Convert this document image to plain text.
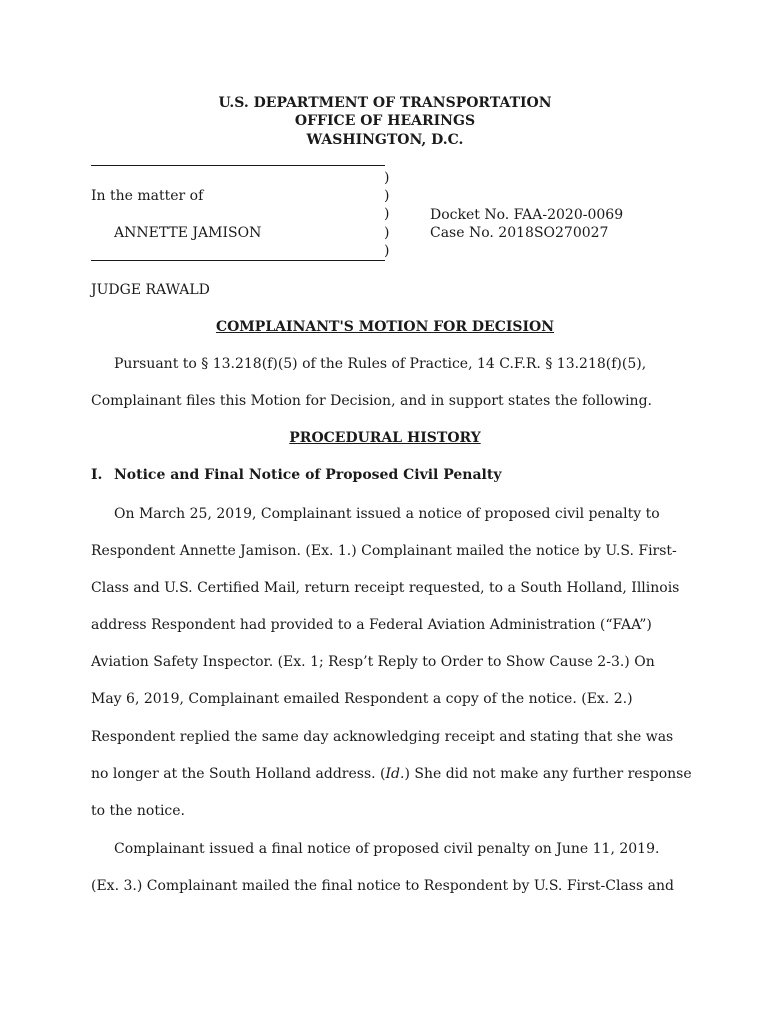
U.S. DEPARTMENT OF TRANSPORTATION
OFFICE OF HEARINGS
WASHINGTON, D.C.
)
)
)
)
)
In the matter of
ANNETTE JAMISON
Docket No. FAA-2020-0069
Case No. 2018SO270027
JUDGE RAWALD
COMPLAINANT'S MOTION FOR DECISION
Pursuant to § 13.218(f)(5) of the Rules of Practice, 14 C.F.R. § 13.218(f)(5),
Complainant files this Motion for Decision, and in support states the following.
PROCEDURAL HISTORY
I. Notice and Final Notice of Proposed Civil Penalty
On March 25, 2019, Complainant issued a notice of proposed civil penalty to
Respondent Annette Jamison. (Ex. 1.) Complainant mailed the notice by U.S. First-
Class and U.S. Certified Mail, return receipt requested, to a South Holland, Illinois
address Respondent had provided to a Federal Aviation Administration (“FAA”)
Aviation Safety Inspector. (Ex. 1; Resp’t Reply to Order to Show Cause 2-3.) On
May 6, 2019, Complainant emailed Respondent a copy of the notice. (Ex. 2.)
Respondent replied the same day acknowledging receipt and stating that she was
no longer at the South Holland address. (Id.) She did not make any further response
to the notice.
Complainant issued a final notice of proposed civil penalty on June 11, 2019.
(Ex. 3.) Complainant mailed the final notice to Respondent by U.S. First-Class and
